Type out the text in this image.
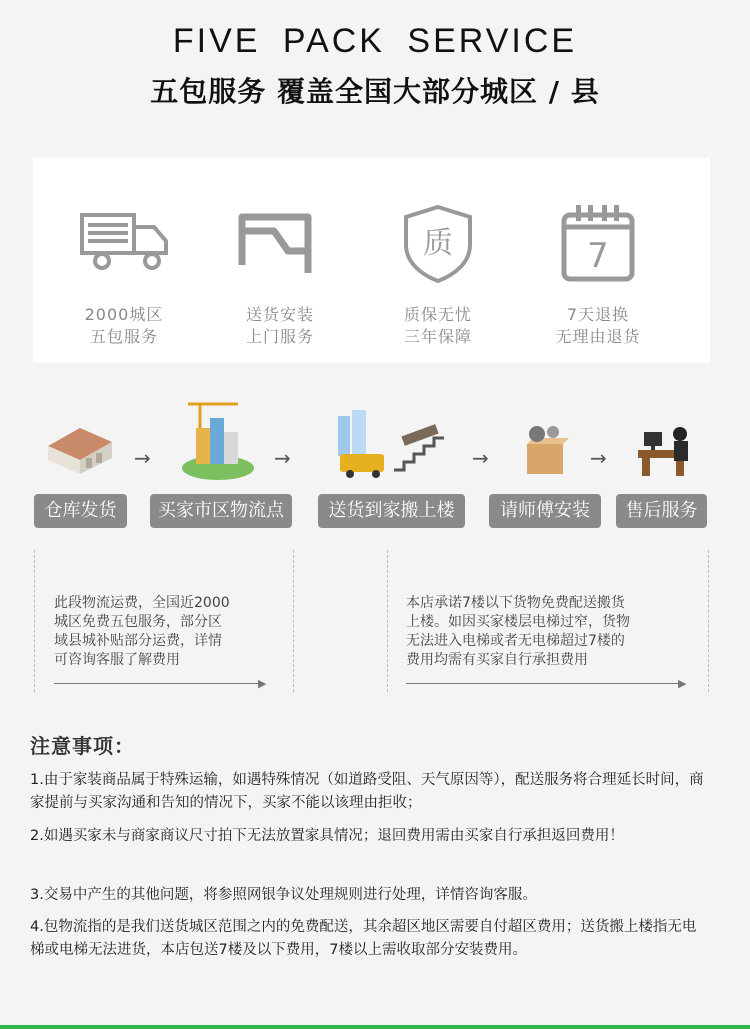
FIVE PACK SERVICE
五包服务 覆盖全国大部分城区 / 县
2000城区
五包服务
送货安装
上门服务
质
质保无忧
三年保障
7
7天退换
无理由退货
→	→	→	→
仓库发货	买家市区物流点	送货到家搬上楼	请师傅安装	售后服务
此段物流运费，全国近2000
城区免费五包服务，部分区
域县城补贴部分运费，详情
可咨询客服了解费用
本店承诺7楼以下货物免费配送搬货
上楼。如因买家楼层电梯过窄，货物
无法进入电梯或者无电梯超过7楼的
费用均需有买家自行承担费用
▶	▶
注意事项：
1.由于家装商品属于特殊运输，如遇特殊情况（如道路受阻、天气原因等），配送服务将合理延长时间，商家提前与买家沟通和告知的情况下，买家不能以该理由拒收；
2.如遇买家未与商家商议尺寸拍下无法放置家具情况；退回费用需由买家自行承担返回费用！
3.交易中产生的其他问题，将参照网银争议处理规则进行处理，详情咨询客服。
4.包物流指的是我们送货城区范围之内的免费配送，其余超区地区需要自付超区费用；送货搬上楼指无电梯或电梯无法进货，本店包送7楼及以下费用，7楼以上需收取部分安装费用。
